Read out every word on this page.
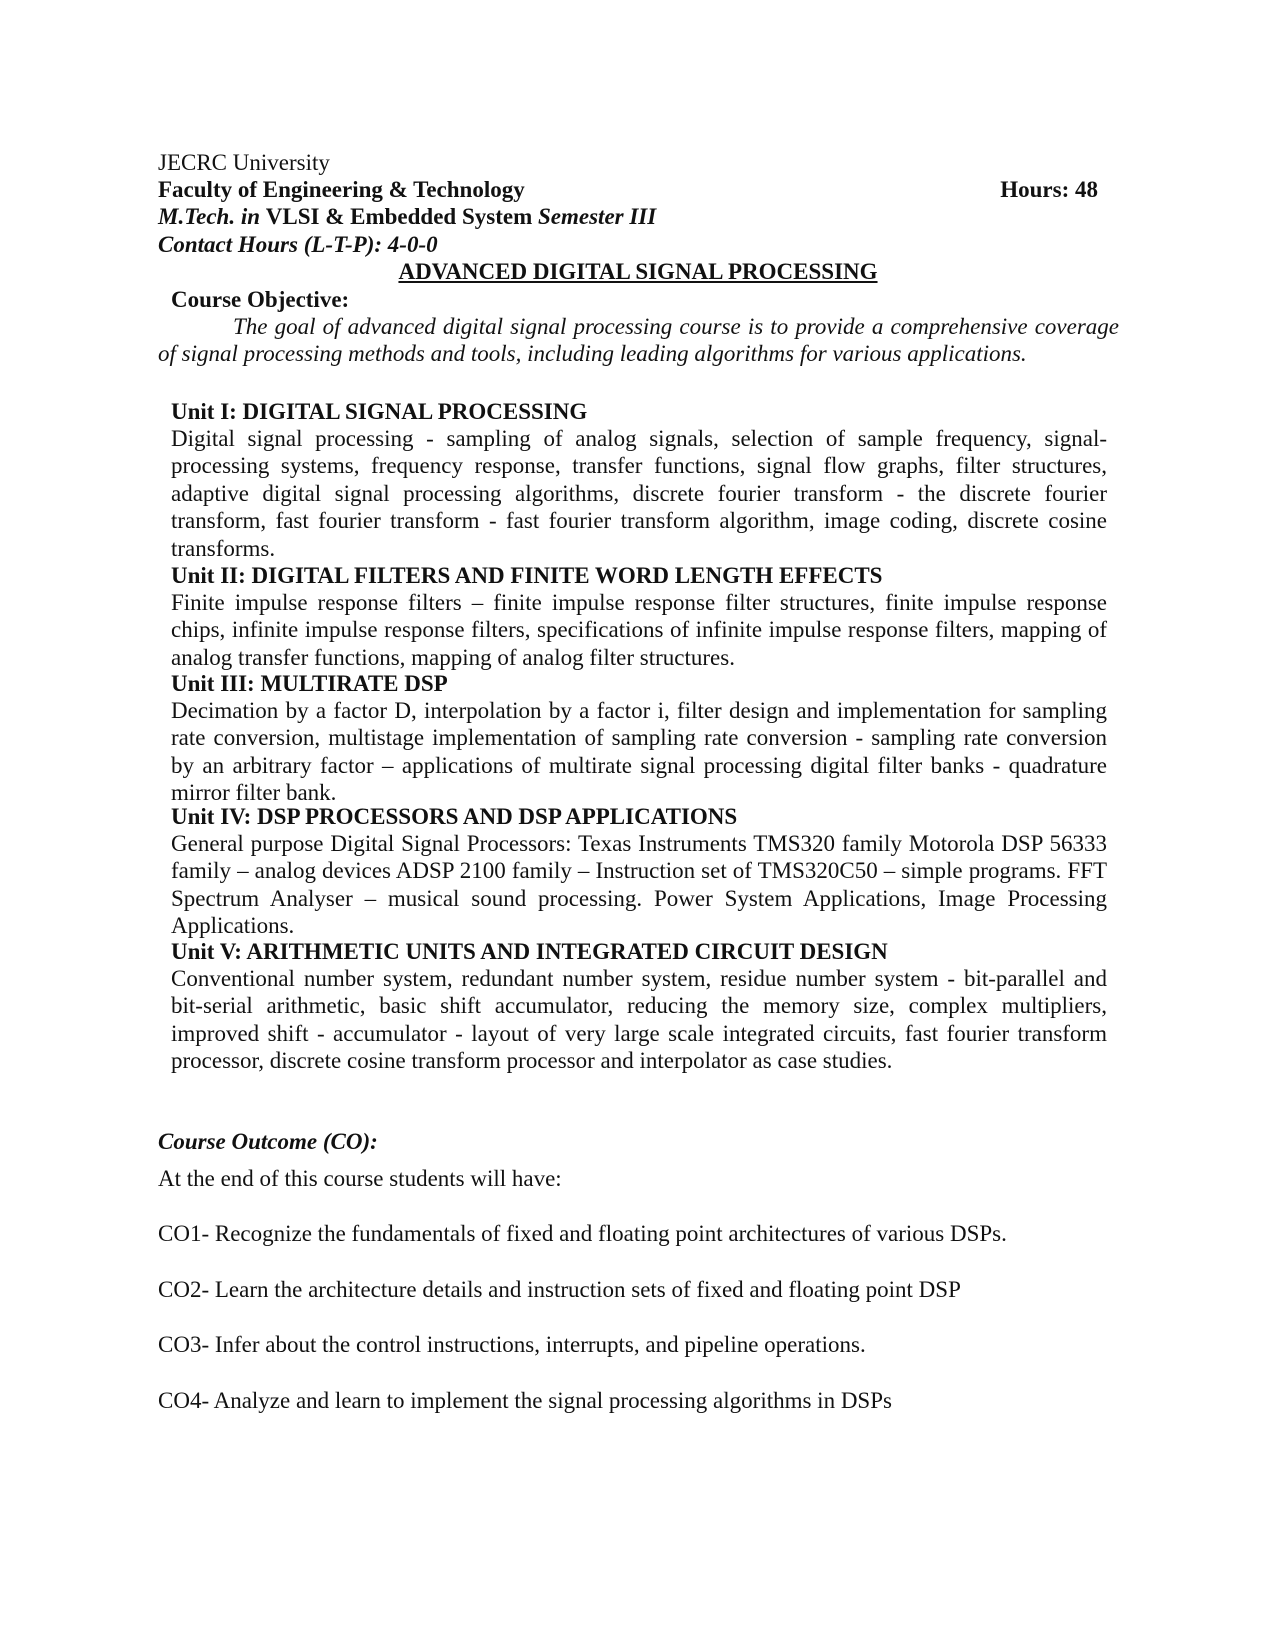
JECRC University
Faculty of Engineering & Technology	Hours: 48
M.Tech. in VLSI & Embedded System Semester III
Contact Hours (L-T-P): 4-0-0
ADVANCED DIGITAL SIGNAL PROCESSING
Course Objective:
The goal of advanced digital signal processing course is to provide a comprehensive coverage of signal processing methods and tools, including leading algorithms for various applications.
Unit I: DIGITAL SIGNAL PROCESSING
Digital signal processing - sampling of analog signals, selection of sample frequency, signal-processing systems, frequency response, transfer functions, signal flow graphs, filter structures, adaptive digital signal processing algorithms, discrete fourier transform - the discrete fourier transform, fast fourier transform - fast fourier transform algorithm, image coding, discrete cosine transforms.
Unit II: DIGITAL FILTERS AND FINITE WORD LENGTH EFFECTS
Finite impulse response filters – finite impulse response filter structures, finite impulse response chips, infinite impulse response filters, specifications of infinite impulse response filters, mapping of analog transfer functions, mapping of analog filter structures.
Unit III: MULTIRATE DSP
Decimation by a factor D, interpolation by a factor i, filter design and implementation for sampling rate conversion, multistage implementation of sampling rate conversion - sampling rate conversion by an arbitrary factor – applications of multirate signal processing digital filter banks - quadrature mirror filter bank.
Unit IV: DSP PROCESSORS AND DSP APPLICATIONS
General purpose Digital Signal Processors: Texas Instruments TMS320 family Motorola DSP 56333 family – analog devices ADSP 2100 family – Instruction set of TMS320C50 – simple programs. FFT Spectrum Analyser – musical sound processing. Power System Applications, Image Processing Applications.
Unit V: ARITHMETIC UNITS AND INTEGRATED CIRCUIT DESIGN
Conventional number system, redundant number system, residue number system - bit-parallel and bit-serial arithmetic, basic shift accumulator, reducing the memory size, complex multipliers, improved shift - accumulator - layout of very large scale integrated circuits, fast fourier transform processor, discrete cosine transform processor and interpolator as case studies.
Course Outcome (CO):
At the end of this course students will have:
CO1- Recognize the fundamentals of fixed and floating point architectures of various DSPs.
CO2- Learn the architecture details and instruction sets of fixed and floating point DSP
CO3- Infer about the control instructions, interrupts, and pipeline operations.
CO4- Analyze and learn to implement the signal processing algorithms in DSPs
